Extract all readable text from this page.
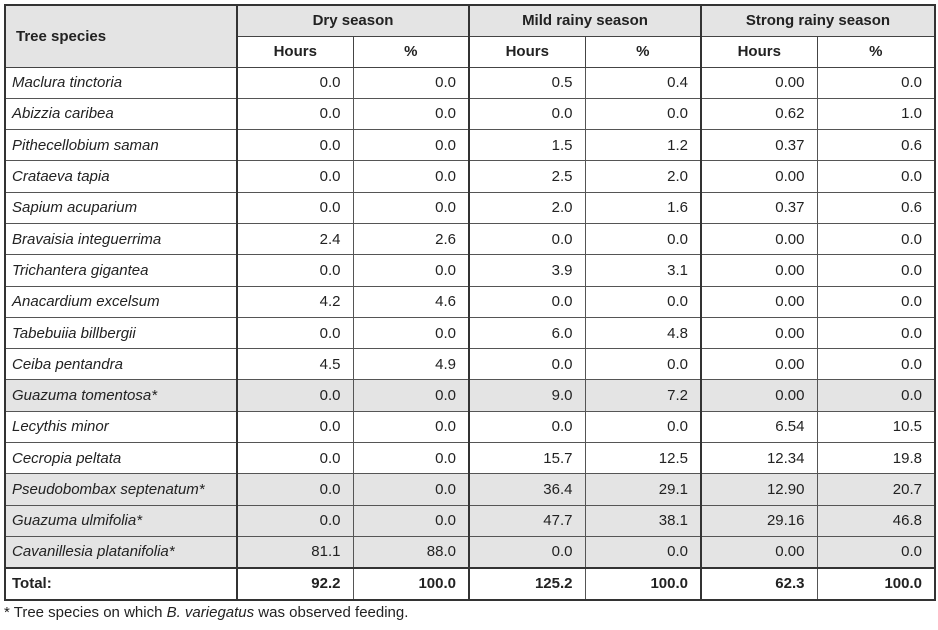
Tree species	Dry season		Mild rainy season		Strong rainy season	
	Hours	%	Hours	%	Hours	%
Maclura tinctoria	0.0	0.0	0.5	0.4	0.00	0.0
Abizzia caribea	0.0	0.0	0.0	0.0	0.62	1.0
Pithecellobium saman	0.0	0.0	1.5	1.2	0.37	0.6
Crataeva tapia	0.0	0.0	2.5	2.0	0.00	0.0
Sapium acuparium	0.0	0.0	2.0	1.6	0.37	0.6
Bravaisia integuerrima	2.4	2.6	0.0	0.0	0.00	0.0
Trichantera gigantea	0.0	0.0	3.9	3.1	0.00	0.0
Anacardium excelsum	4.2	4.6	0.0	0.0	0.00	0.0
Tabebuiia billbergii	0.0	0.0	6.0	4.8	0.00	0.0
Ceiba pentandra	4.5	4.9	0.0	0.0	0.00	0.0
Guazuma tomentosa*	0.0	0.0	9.0	7.2	0.00	0.0
Lecythis minor	0.0	0.0	0.0	0.0	6.54	10.5
Cecropia peltata	0.0	0.0	15.7	12.5	12.34	19.8
Pseudobombax septenatum*	0.0	0.0	36.4	29.1	12.90	20.7
Guazuma ulmifolia*	0.0	0.0	47.7	38.1	29.16	46.8
Cavanillesia platanifolia*	81.1	88.0	0.0	0.0	0.00	0.0
Total:	92.2	100.0	125.2	100.0	62.3	100.0
* Tree species on which B. variegatus was observed feeding.
